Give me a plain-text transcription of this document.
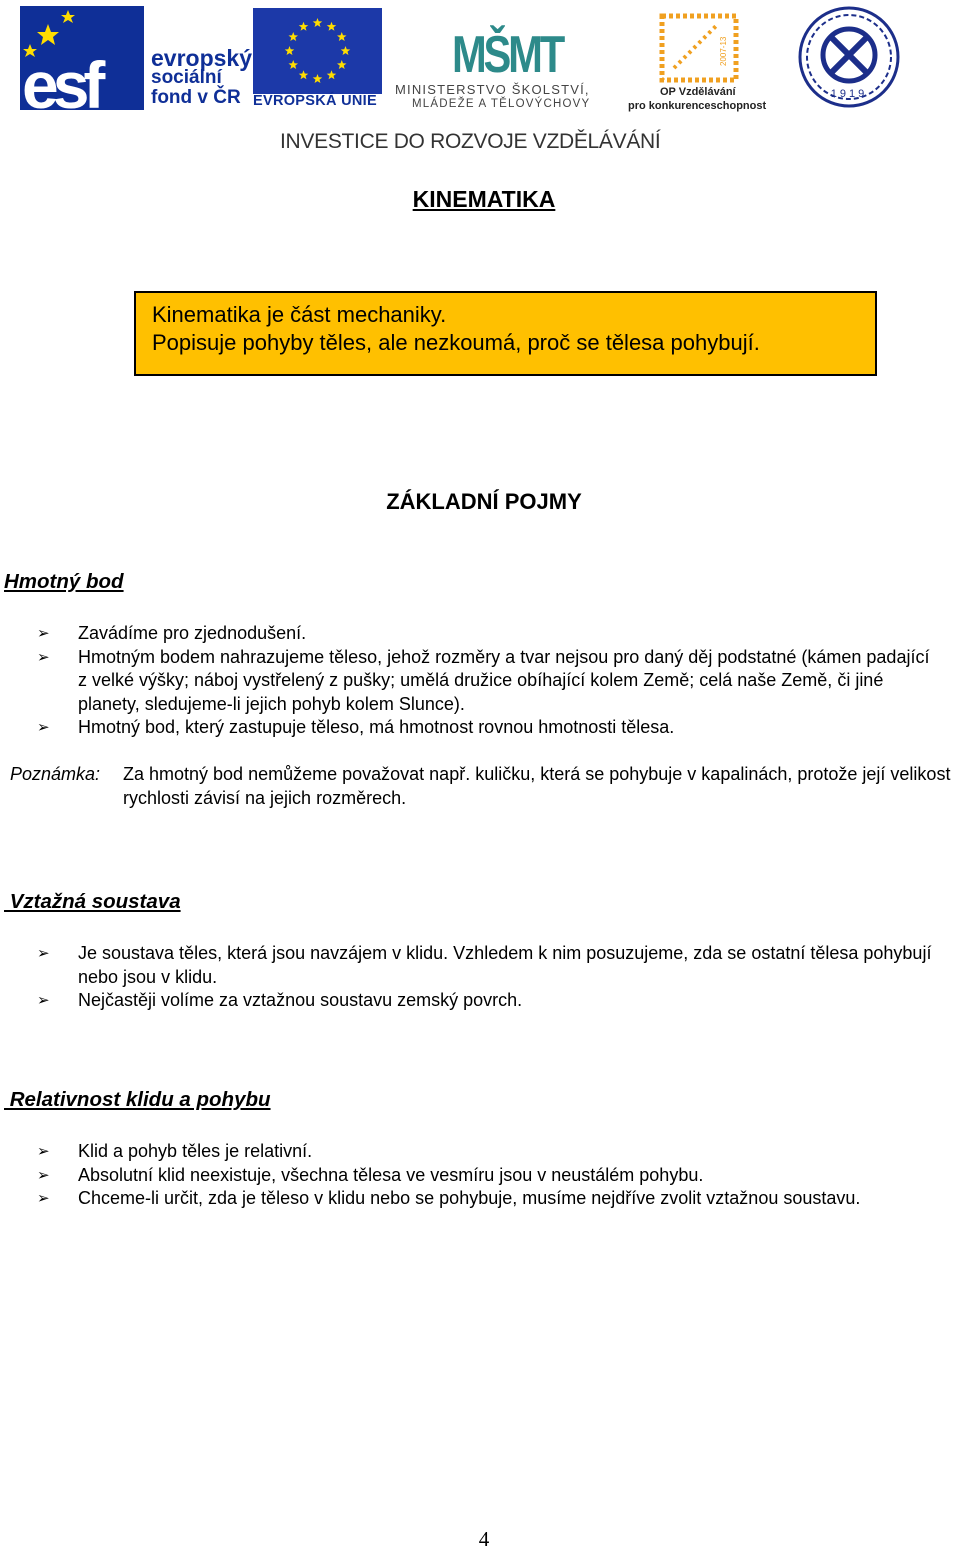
esf	evropský
sociální
fond v ČR EVROPSKÁ UNIE
MŠMT
MINISTERSTVO ŠKOLSTVÍ,
MLÁDEŽE A TĚLOVÝCHOVY
2007-13
OP Vzdělávání
pro konkurenceschopnost
1919
INVESTICE DO ROZVOJE VZDĚLÁVÁNÍ
KINEMATIKA
Kinematika je část mechaniky.
Popisuje pohyby těles, ale nezkoumá, proč se tělesa pohybují.
ZÁKLADNÍ POJMY
Hmotný bod
➢ Zavádíme pro zjednodušení.
➢ Hmotným bodem nahrazujeme těleso, jehož rozměry a tvar nejsou pro daný děj podstatné (kámen padající z velké výšky; náboj vystřelený z pušky; umělá družice obíhající kolem Země; celá naše Země, či jiné planety, sledujeme-li jejich pohyb kolem Slunce).
➢ Hmotný bod, který zastupuje těleso, má hmotnost rovnou hmotnosti tělesa.
Poznámka: Za hmotný bod nemůžeme považovat např. kuličku, která se pohybuje v kapalinách, protože její velikost rychlosti závisí na jejich rozměrech.
Vztažná soustava
➢ Je soustava těles, která jsou navzájem v klidu. Vzhledem k nim posuzujeme, zda se ostatní tělesa pohybují nebo jsou v klidu.
➢ Nejčastěji volíme za vztažnou soustavu zemský povrch.
Relativnost klidu a pohybu
➢ Klid a pohyb těles je relativní.
➢ Absolutní klid neexistuje, všechna tělesa ve vesmíru jsou v neustálém pohybu.
➢ Chceme-li určit, zda je těleso v klidu nebo se pohybuje, musíme nejdříve zvolit vztažnou soustavu.
4
